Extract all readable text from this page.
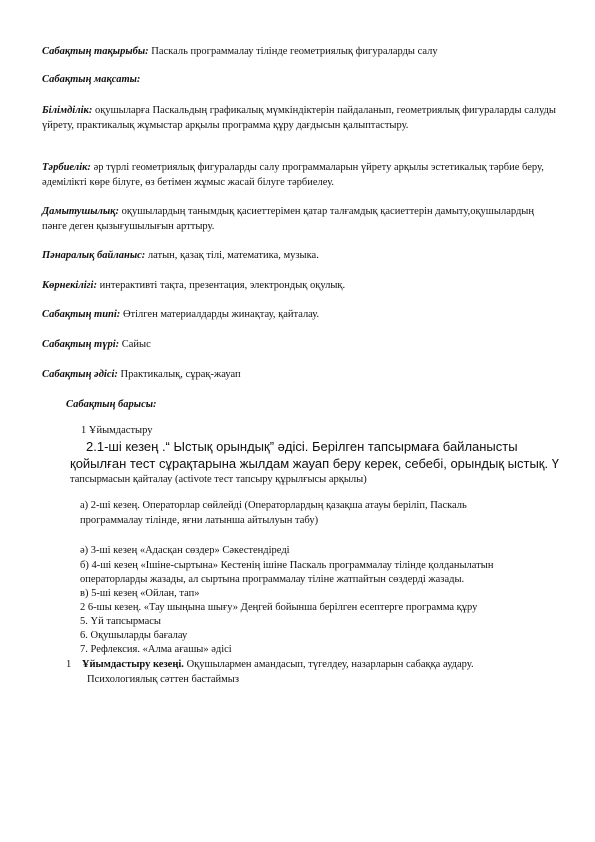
Сабақтың тақырыбы: Паскаль программалау тілінде геометриялық фигураларды салу
Сабақтың мақсаты:
Білімділік: оқушыларға Паскальдың графикалық мүмкіндіктерін пайдаланып, геометриялық фигураларды салуды үйрету, практикалық жұмыстар арқылы программа құру дағдысын қалыптастыру.
Тәрбиелік: әр түрлі геометриялық фигураларды салу программаларын үйрету арқылы эстетикалық тәрбие беру, әдемілікті көре білуге, өз бетімен жұмыс жасай білуге тәрбиелеу.
Дамытушылық: оқушылардың танымдық қасиеттерімен қатар талғамдық қасиеттерін дамыту,оқушылардың пәнге деген қызығушылығын арттыру.
Пәнаралық байланыс: латын, қазақ тілі, математика, музыка.
Көрнекілігі: интерактивті тақта, презентация, электрондық оқулық.
Сабақтың типі: Өтілген материалдарды жинақтау, қайталау.
Сабақтың түрі: Сайыс
Сабақтың әдісі: Практикалық, сұрақ-жауап
Сабақтың барысы:
1 Ұйымдастыру
2.1-ші кезең .“ Ыстық орындық” әдісі. Берілген тапсырмаға байланысты
қойылған тест сұрақтарына жылдам жауап беру керек, себебі, орындық ыстық. Ү
тапсырмасын қайталау (activote тест тапсыру құрылғысы арқылы)
а) 2-ші кезең. Операторлар сөйлейді (Операторлардың қазақша атауы беріліп, Паскаль
программалау тілінде, яғни латынша айтылуын табу)
ә) 3-ші кезең «Адасқан сөздер» Сәкестендіреді
б) 4-ші кезең «Ішіне-сыртына» Кестенің ішіне Паскаль программалау тілінде қолданылатын
операторларды жазады, ал сыртына программалау тіліне жатпайтын сөздерді жазады.
в) 5-ші кезең «Ойлан, тап»
2 6-шы кезең. «Тау шыңына шығу» Деңгей бойынша берілген есептерге программа құру
5. Үй тапсырмасы
6. Оқушыларды бағалау
7. Рефлексия. «Алма ағашы» әдісі
1 Ұйымдастыру кезеңі. Оқушылармен амандасып, түгелдеу, назарларын сабаққа аудару.
Психологиялық сәттен бастаймыз
